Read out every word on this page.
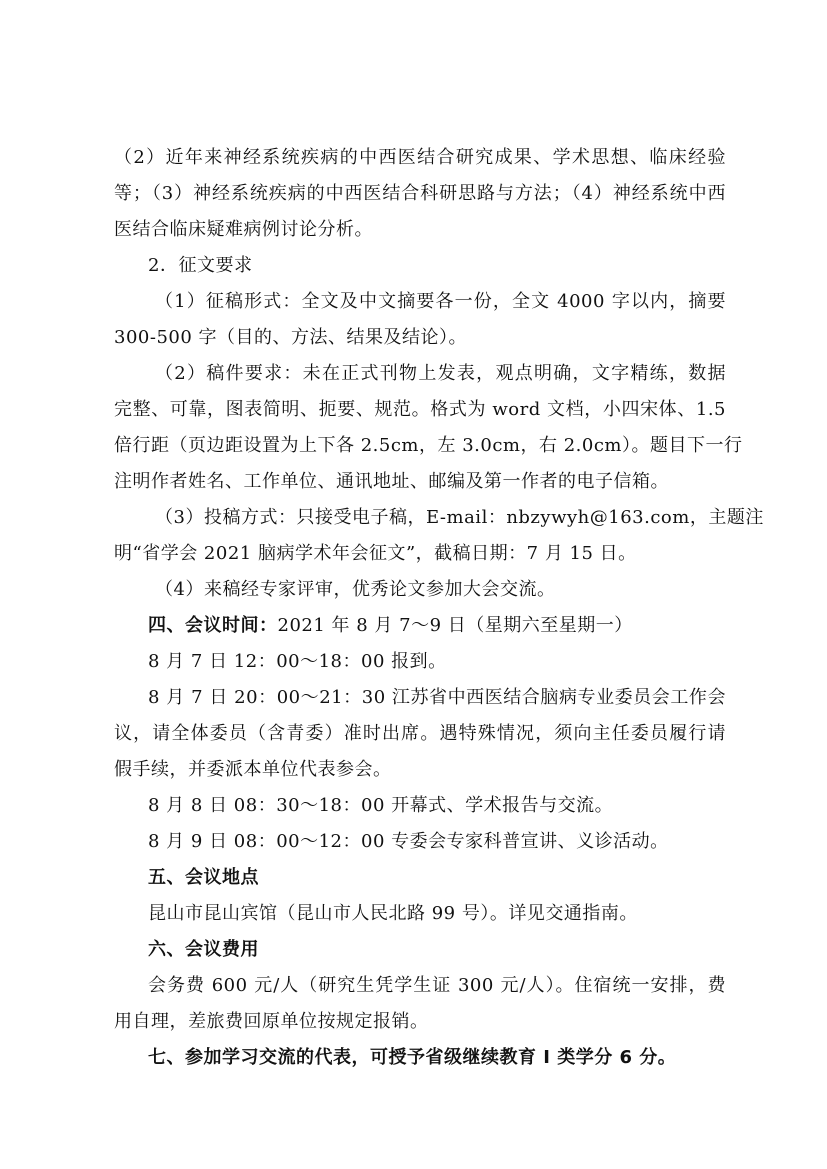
（2）近年来神经系统疾病的中西医结合研究成果、学术思想、临床经验
等；（3）神经系统疾病的中西医结合科研思路与方法；（4）神经系统中西
医结合临床疑难病例讨论分析。
2．征文要求
（1）征稿形式：全文及中文摘要各一份，全文 4000 字以内，摘要
300-500 字（目的、方法、结果及结论）。
（2）稿件要求：未在正式刊物上发表，观点明确，文字精练，数据
完整、可靠，图表简明、扼要、规范。格式为 word 文档，小四宋体、1.5
倍行距（页边距设置为上下各 2.5cm，左 3.0cm，右 2.0cm）。题目下一行
注明作者姓名、工作单位、通讯地址、邮编及第一作者的电子信箱。
（3）投稿方式：只接受电子稿，E-mail：nbzywyh@163.com，主题注
明“省学会 2021 脑病学术年会征文”，截稿日期：7 月 15 日。
（4）来稿经专家评审，优秀论文参加大会交流。
四、会议时间：2021 年 8 月 7～9 日（星期六至星期一）
8 月 7 日 12：00～18：00 报到。
8 月 7 日 20：00～21：30 江苏省中西医结合脑病专业委员会工作会
议，请全体委员（含青委）准时出席。遇特殊情况，须向主任委员履行请
假手续，并委派本单位代表参会。
8 月 8 日 08：30～18：00 开幕式、学术报告与交流。
8 月 9 日 08：00～12：00 专委会专家科普宣讲、义诊活动。
五、会议地点
昆山市昆山宾馆（昆山市人民北路 99 号）。详见交通指南。
六、会议费用
会务费 600 元/人（研究生凭学生证 300 元/人）。住宿统一安排，费
用自理，差旅费回原单位按规定报销。
七、参加学习交流的代表，可授予省级继续教育 I 类学分 6 分。
